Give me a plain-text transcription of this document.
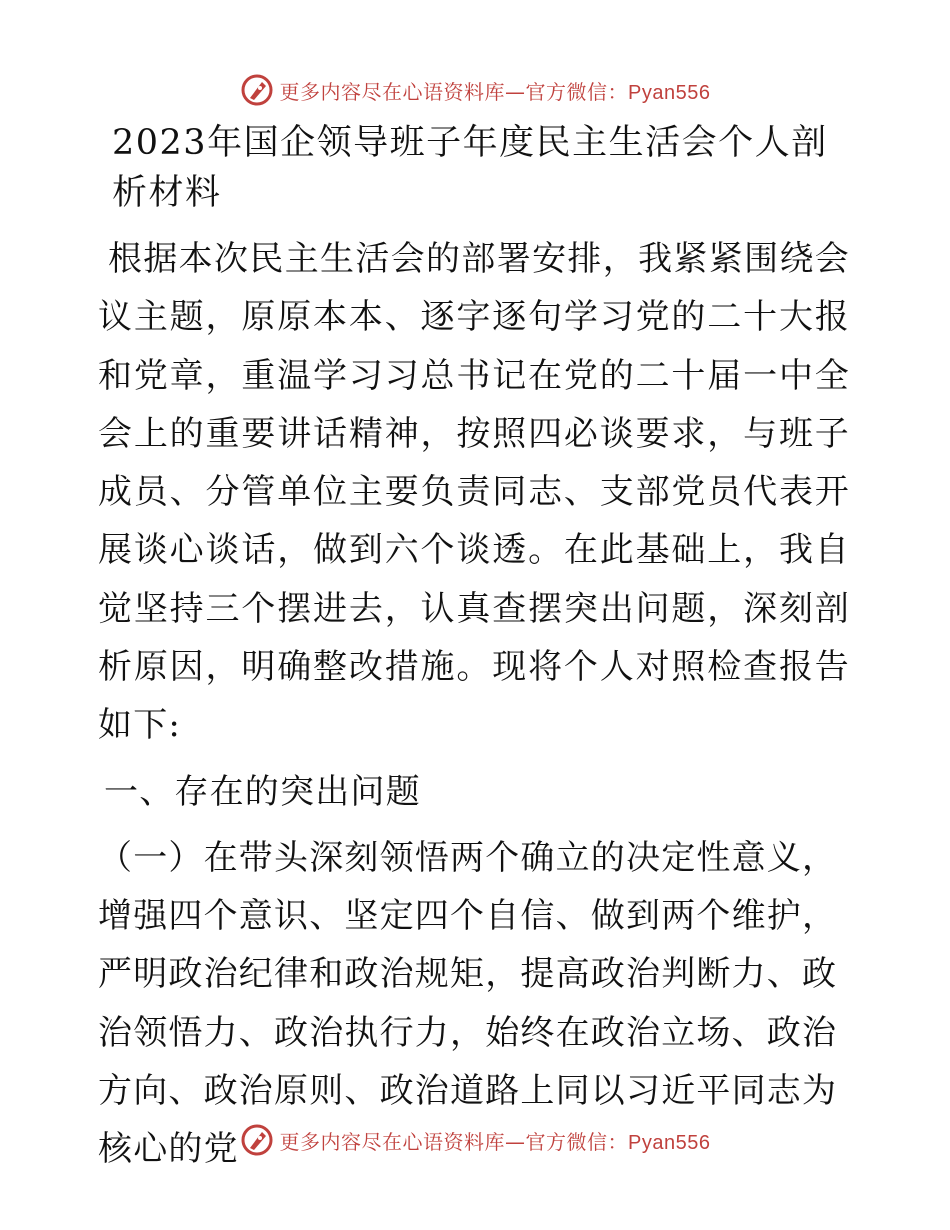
更多内容尽在心语资料库—官方微信：Pyan556
2023年国企领导班子年度民主生活会个人剖析材料

根据本次民主生活会的部署安排，我紧紧围绕会议主题，原原本本、逐字逐句学习党的二十大报和党章，重温学习习总书记在党的二十届一中全会上的重要讲话精神，按照四必谈要求，与班子成员、分管单位主要负责同志、支部党员代表开展谈心谈话，做到六个谈透。在此基础上，我自觉坚持三个摆进去，认真查摆突出问题，深刻剖析原因，明确整改措施。现将个人对照检查报告如下:

一、存在的突出问题

（一）在带头深刻领悟两个确立的决定性意义，增强四个意识、坚定四个自信、做到两个维护，严明政治纪律和政治规矩，提高政治判断力、政治领悟力、政治执行力，始终在政治立场、政治方向、政治原则、政治道路上同以习近平同志为核心的党	更多内容尽在心语资料库—官方微信：Pyan556
